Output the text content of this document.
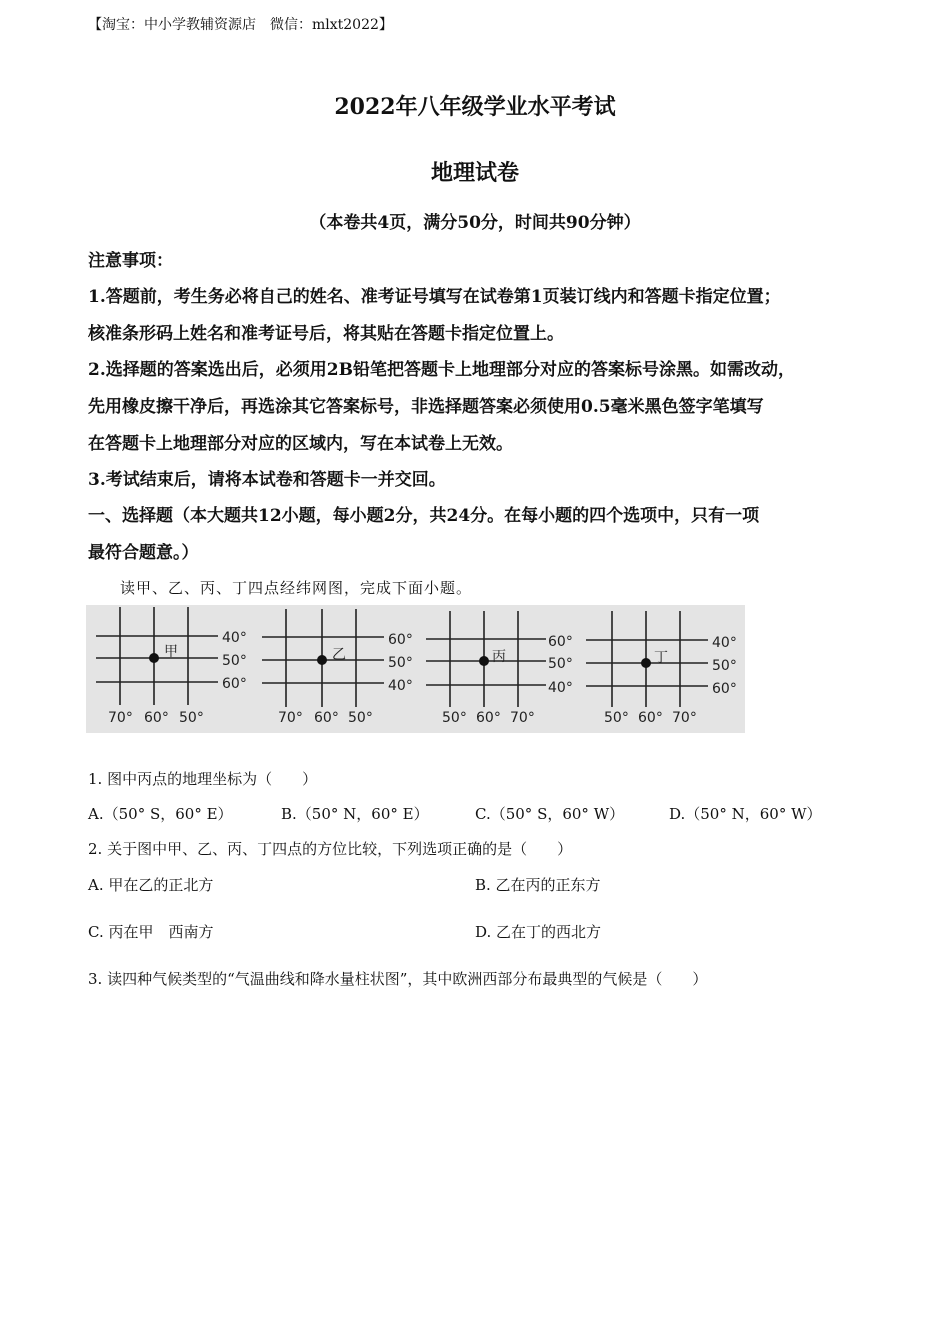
【淘宝：中小学教辅资源店　微信：mlxt2022】
2022年八年级学业水平考试
地理试卷
（本卷共4页，满分50分，时间共90分钟）
注意事项：
1.答题前，考生务必将自己的姓名、准考证号填写在试卷第1页装订线内和答题卡指定位置；
核准条形码上姓名和准考证号后，将其贴在答题卡指定位置上。
2.选择题的答案选出后，必须用2B铅笔把答题卡上地理部分对应的答案标号涂黑。如需改动，
先用橡皮擦干净后，再选涂其它答案标号，非选择题答案必须使用0.5毫米黑色签字笔填写
在答题卡上地理部分对应的区域内，写在本试卷上无效。
3.考试结束后，请将本试卷和答题卡一并交回。
一、选择题（本大题共12小题，每小题2分，共24分。在每小题的四个选项中，只有一项
最符合题意。）
读甲、乙、丙、丁四点经纬网图，完成下面小题。
甲	乙	丙	丁
40°
50°
60°
70° 60° 50°
60°
50°
40°
70° 60° 50°
60°
50°
40°
50° 60° 70°
40°
50°
60°
50° 60° 70°
1. 图中丙点的地理坐标为（　　）
A.（50° S，60° E）	B.（50° N，60° E）	C.（50° S，60° W）	D.（50° N，60° W）
2. 关于图中甲、乙、丙、丁四点的方位比较，下列选项正确的是（　　）
A. 甲在乙的正北方	B. 乙在丙的正东方
C. 丙在甲　西南方	D. 乙在丁的西北方
3. 读四种气候类型的“气温曲线和降水量柱状图”，其中欧洲西部分布最典型的气候是（　　）
